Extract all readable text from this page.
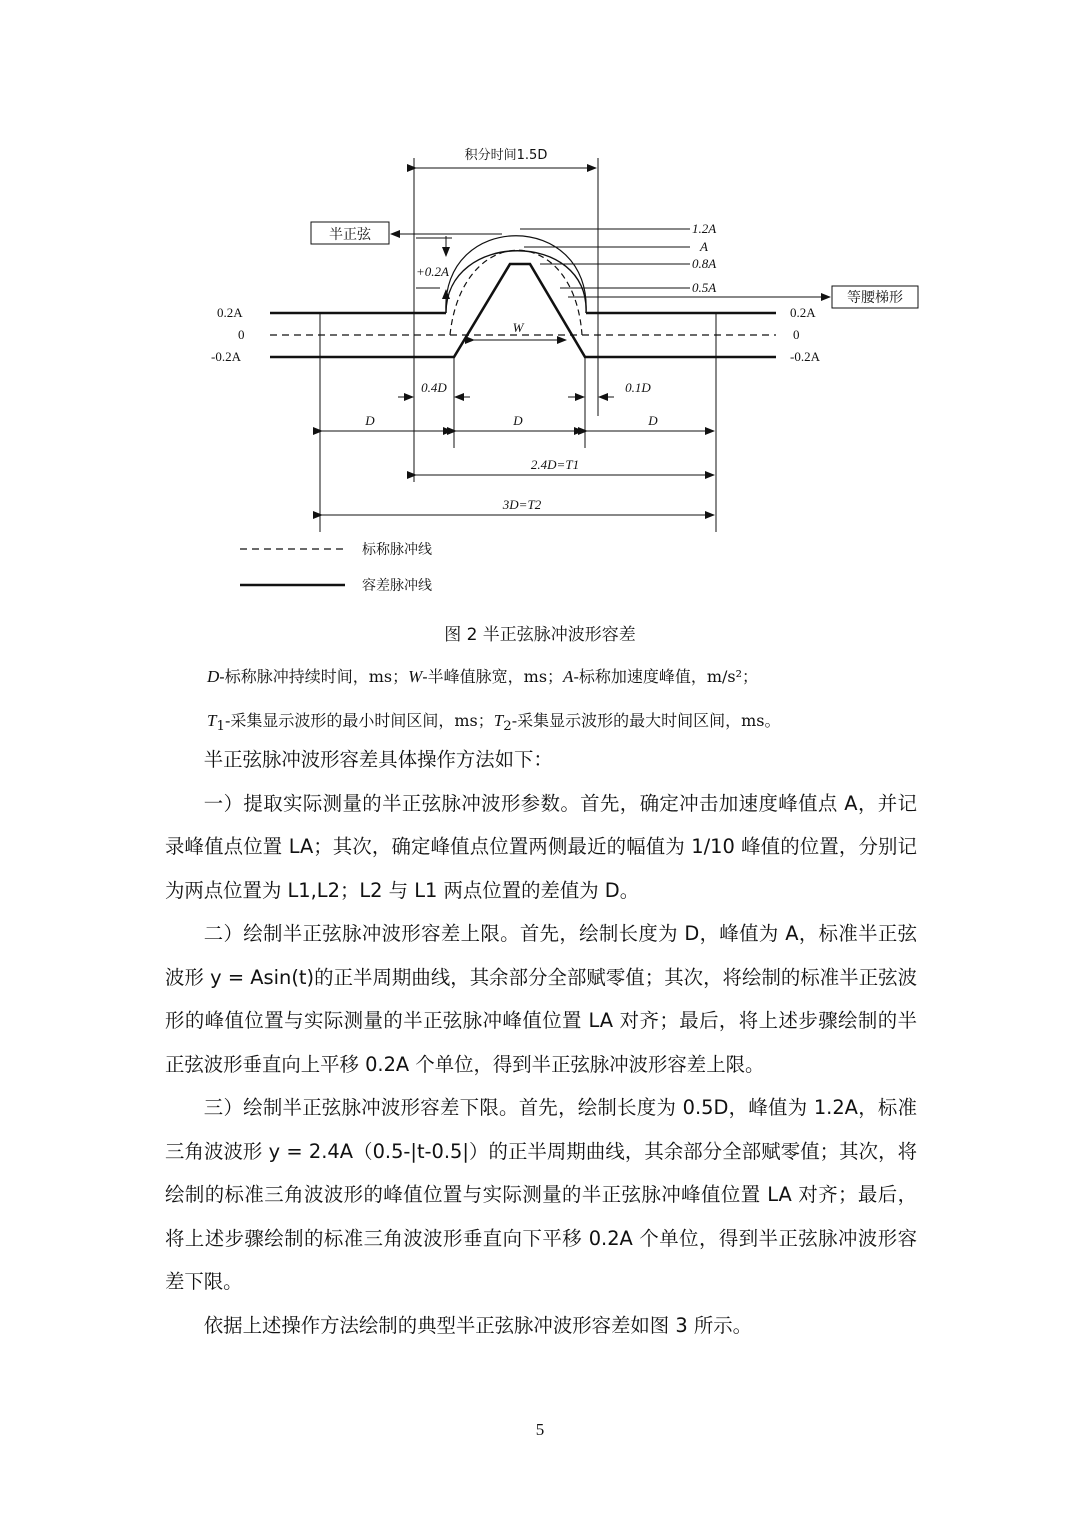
积分时间1.5D
半正弦
等腰梯形
1.2A
A
0.8A
0.5A
+0.2A
0.2A
0
-0.2A
0.2A
0
-0.2A
W
0.4D	0.1D
D	D	D
2.4D=T1
3D=T2
标称脉冲线
容差脉冲线
图 2 半正弦脉冲波形容差
D-标称脉冲持续时间，ms；W-半峰值脉宽，ms；A-标称加速度峰值，m/s²；
$T_1-$采集显示波形的最小时间区间，ms；$T_2-$采集显示波形的最大时间区间，ms。

半正弦脉冲波形容差具体操作方法如下：

一）提取实际测量的半正弦脉冲波形参数。首先，确定冲击加速度峰值点 A，并记录峰值点位置 LA；其次，确定峰值点位置两侧最近的幅值为 1/10 峰值的位置，分别记为两点位置为 L1,L2；L2 与 L1 两点位置的差值为 D。

二）绘制半正弦脉冲波形容差上限。首先，绘制长度为 D，峰值为 A，标准半正弦波形 y = Asin(t)的正半周期曲线，其余部分全部赋零值；其次，将绘制的标准半正弦波形的峰值位置与实际测量的半正弦脉冲峰值位置 LA 对齐；最后，将上述步骤绘制的半正弦波形垂直向上平移 0.2A 个单位，得到半正弦脉冲波形容差上限。

三）绘制半正弦脉冲波形容差下限。首先，绘制长度为 0.5D，峰值为 1.2A，标准三角波波形 y = 2.4A（0.5-|t-0.5|）的正半周期曲线，其余部分全部赋零值；其次，将绘制的标准三角波波形的峰值位置与实际测量的半正弦脉冲峰值位置 LA 对齐；最后，将上述步骤绘制的标准三角波波形垂直向下平移 0.2A 个单位，得到半正弦脉冲波形容差下限。

依据上述操作方法绘制的典型半正弦脉冲波形容差如图 3 所示。

5
